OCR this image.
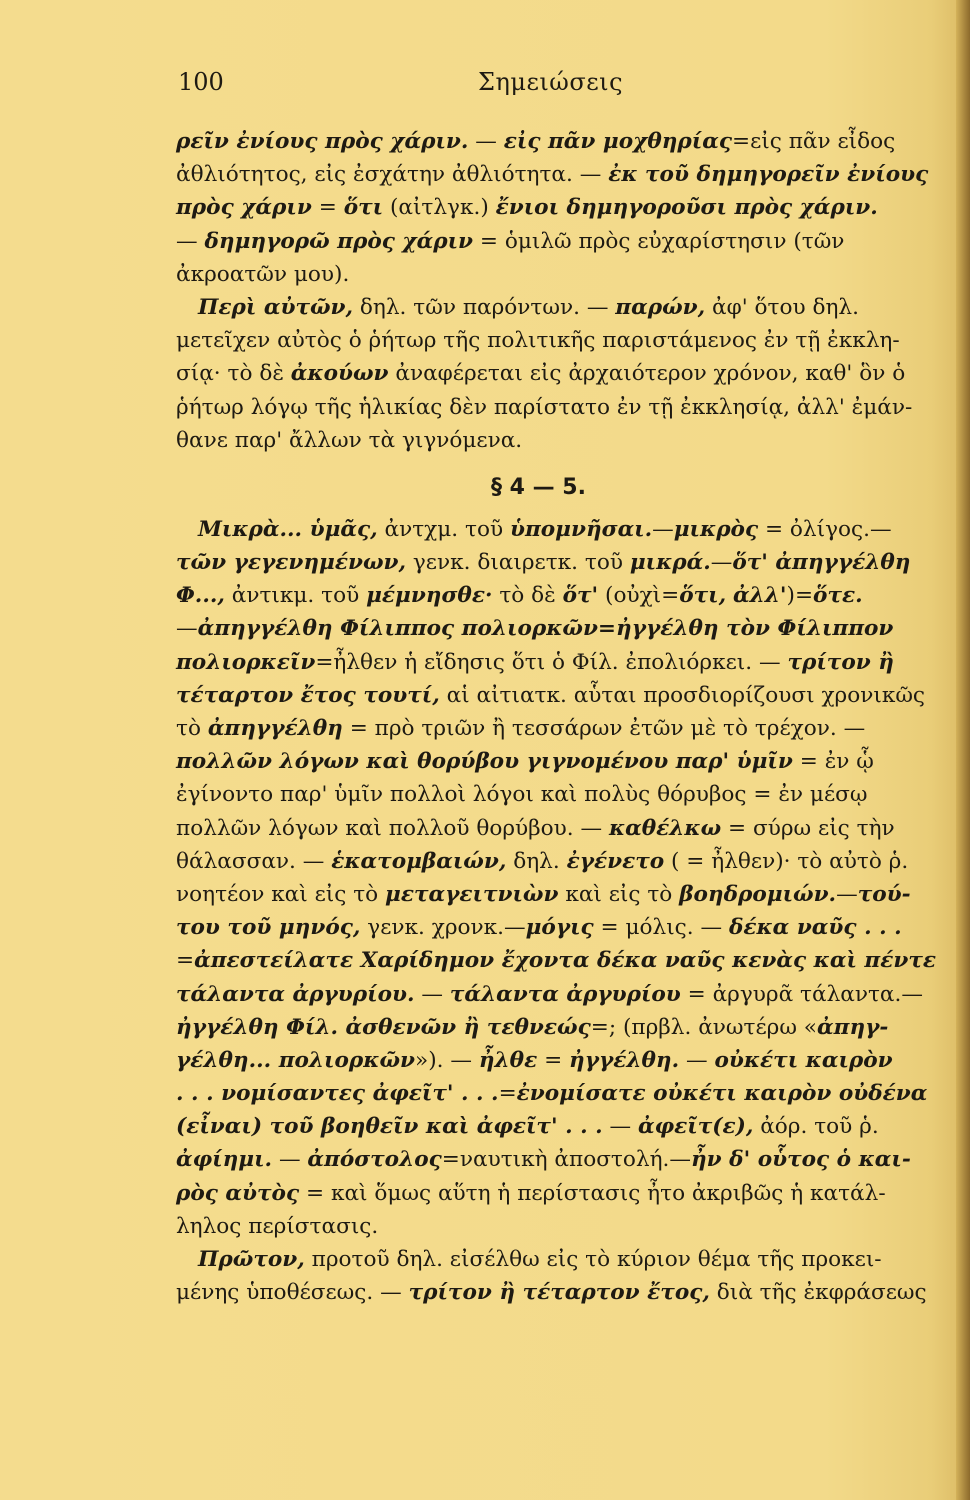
100	Σημειώσεις
ρεῖν ἐνίους πρὸς χάριν. — εἰς πᾶν μοχθηρίας=εἰς πᾶν εἶδος
ἀθλιότητος, εἰς ἐσχάτην ἀθλιότητα. — ἐκ τοῦ δημηγορεῖν ἐνίους
πρὸς χάριν = ὅτι (αἰτλγκ.) ἔνιοι δημηγοροῦσι πρὸς χάριν.
— δημηγορῶ πρὸς χάριν = ὁμιλῶ πρὸς εὐχαρίστησιν (τῶν
ἀκροατῶν μου).
Περὶ αὐτῶν, δηλ. τῶν παρόντων. — παρών, ἀφ' ὅτου δηλ.
μετεῖχεν αὐτὸς ὁ ῥήτωρ τῆς πολιτικῆς παριστάμενος ἐν τῇ ἐκκλη-
σίᾳ· τὸ δὲ ἀκούων ἀναφέρεται εἰς ἀρχαιότερον χρόνον, καθ' ὃν ὁ
ῥήτωρ λόγῳ τῆς ἡλικίας δὲν παρίστατο ἐν τῇ ἐκκλησίᾳ, ἀλλ' ἐμάν-
θανε παρ' ἄλλων τὰ γιγνόμενα.
§ 4 — 5.
Μικρὰ... ὑμᾶς, ἀντχμ. τοῦ ὑπομνῆσαι.—μικρὸς = ὀλίγος.—
τῶν γεγενημένων, γενκ. διαιρετκ. τοῦ μικρά.—ὅτ' ἀπηγγέλθη
Φ..., ἀντικμ. τοῦ μέμνησθε· τὸ δὲ ὅτ' (οὐχὶ=ὅτι, ἀλλ')=ὅτε.
—ἀπηγγέλθη Φίλιππος πολιορκῶν=ἠγγέλθη τὸν Φίλιππον
πολιορκεῖν=ἦλθεν ἡ εἴδησις ὅτι ὁ Φίλ. ἐπολιόρκει. — τρίτον ἢ
τέταρτον ἔτος τουτί, αἱ αἰτιατκ. αὗται προσδιορίζουσι χρονικῶς
τὸ ἀπηγγέλθη = πρὸ τριῶν ἢ τεσσάρων ἐτῶν μὲ τὸ τρέχον. —
πολλῶν λόγων καὶ θορύβου γιγνομένου παρ' ὑμῖν = ἐν ᾧ
ἐγίνοντο παρ' ὑμῖν πολλοὶ λόγοι καὶ πολὺς θόρυβος = ἐν μέσῳ
πολλῶν λόγων καὶ πολλοῦ θορύβου. — καθέλκω = σύρω εἰς τὴν
θάλασσαν. — ἑκατομβαιών, δηλ. ἐγένετο ( = ἦλθεν)· τὸ αὐτὸ ῥ.
νοητέον καὶ εἰς τὸ μεταγειτνιὼν καὶ εἰς τὸ βοηδρομιών.—τού-
του τοῦ μηνός, γενκ. χρονκ.—μόγις = μόλις. — δέκα ναῦς . . .
=ἀπεστείλατε Χαρίδημον ἔχοντα δέκα ναῦς κενὰς καὶ πέντε
τάλαντα ἀργυρίου. — τάλαντα ἀργυρίου = ἀργυρᾶ τάλαντα.—
ἠγγέλθη Φίλ. ἀσθενῶν ἢ τεθνεώς=; (πρβλ. ἀνωτέρω «ἀπηγ-
γέλθη... πολιορκῶν»). — ἦλθε = ἠγγέλθη. — οὐκέτι καιρὸν
. . . νομίσαντες ἀφεῖτ' . . .=ἐνομίσατε οὐκέτι καιρὸν οὐδένα
(εἶναι) τοῦ βοηθεῖν καὶ ἀφεῖτ' . . . — ἀφεῖτ(ε), ἀόρ. τοῦ ῥ.
ἀφίημι. — ἀπόστολος=ναυτικὴ ἀποστολή.—ἦν δ' οὗτος ὁ και-
ρὸς αὐτὸς = καὶ ὅμως αὕτη ἡ περίστασις ἦτο ἀκριβῶς ἡ κατάλ-
ληλος περίστασις.
Πρῶτον, προτοῦ δηλ. εἰσέλθω εἰς τὸ κύριον θέμα τῆς προκει-
μένης ὑποθέσεως. — τρίτον ἢ τέταρτον ἔτος, διὰ τῆς ἐκφράσεως
